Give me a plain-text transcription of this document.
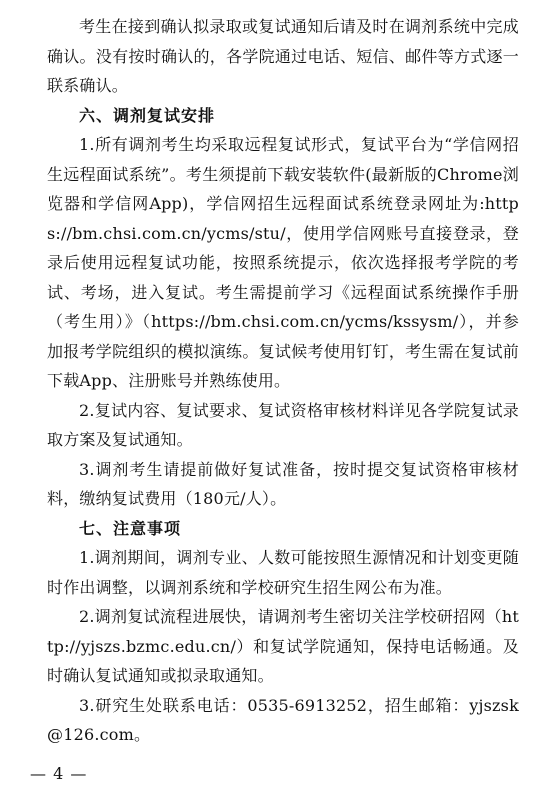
考生在接到确认拟录取或复试通知后请及时在调剂系统中完成确认。没有按时确认的，各学院通过电话、短信、邮件等方式逐一联系确认。

六、调剂复试安排

1.所有调剂考生均采取远程复试形式，复试平台为“学信网招生远程面试系统”。考生须提前下载安装软件(最新版的Chrome浏览器和学信网App)，学信网招生远程面试系统登录网址为:https://bm.chsi.com.cn/ycms/stu/，使用学信网账号直接登录，登录后使用远程复试功能，按照系统提示，依次选择报考学院的考试、考场，进入复试。考生需提前学习《远程面试系统操作手册（考生用）》（https://bm.chsi.com.cn/ycms/kssysm/），并参加报考学院组织的模拟演练。复试候考使用钉钉，考生需在复试前下载App、注册账号并熟练使用。

2.复试内容、复试要求、复试资格审核材料详见各学院复试录取方案及复试通知。

3.调剂考生请提前做好复试准备，按时提交复试资格审核材料，缴纳复试费用（180元/人）。

七、注意事项

1.调剂期间，调剂专业、人数可能按照生源情况和计划变更随时作出调整，以调剂系统和学校研究生招生网公布为准。

2.调剂复试流程进展快，请调剂考生密切关注学校研招网（http://yjszs.bzmc.edu.cn/）和复试学院通知，保持电话畅通。及时确认复试通知或拟录取通知。

3.研究生处联系电话：0535-6913252，招生邮箱：yjszsk@126.com。

— 4 —
